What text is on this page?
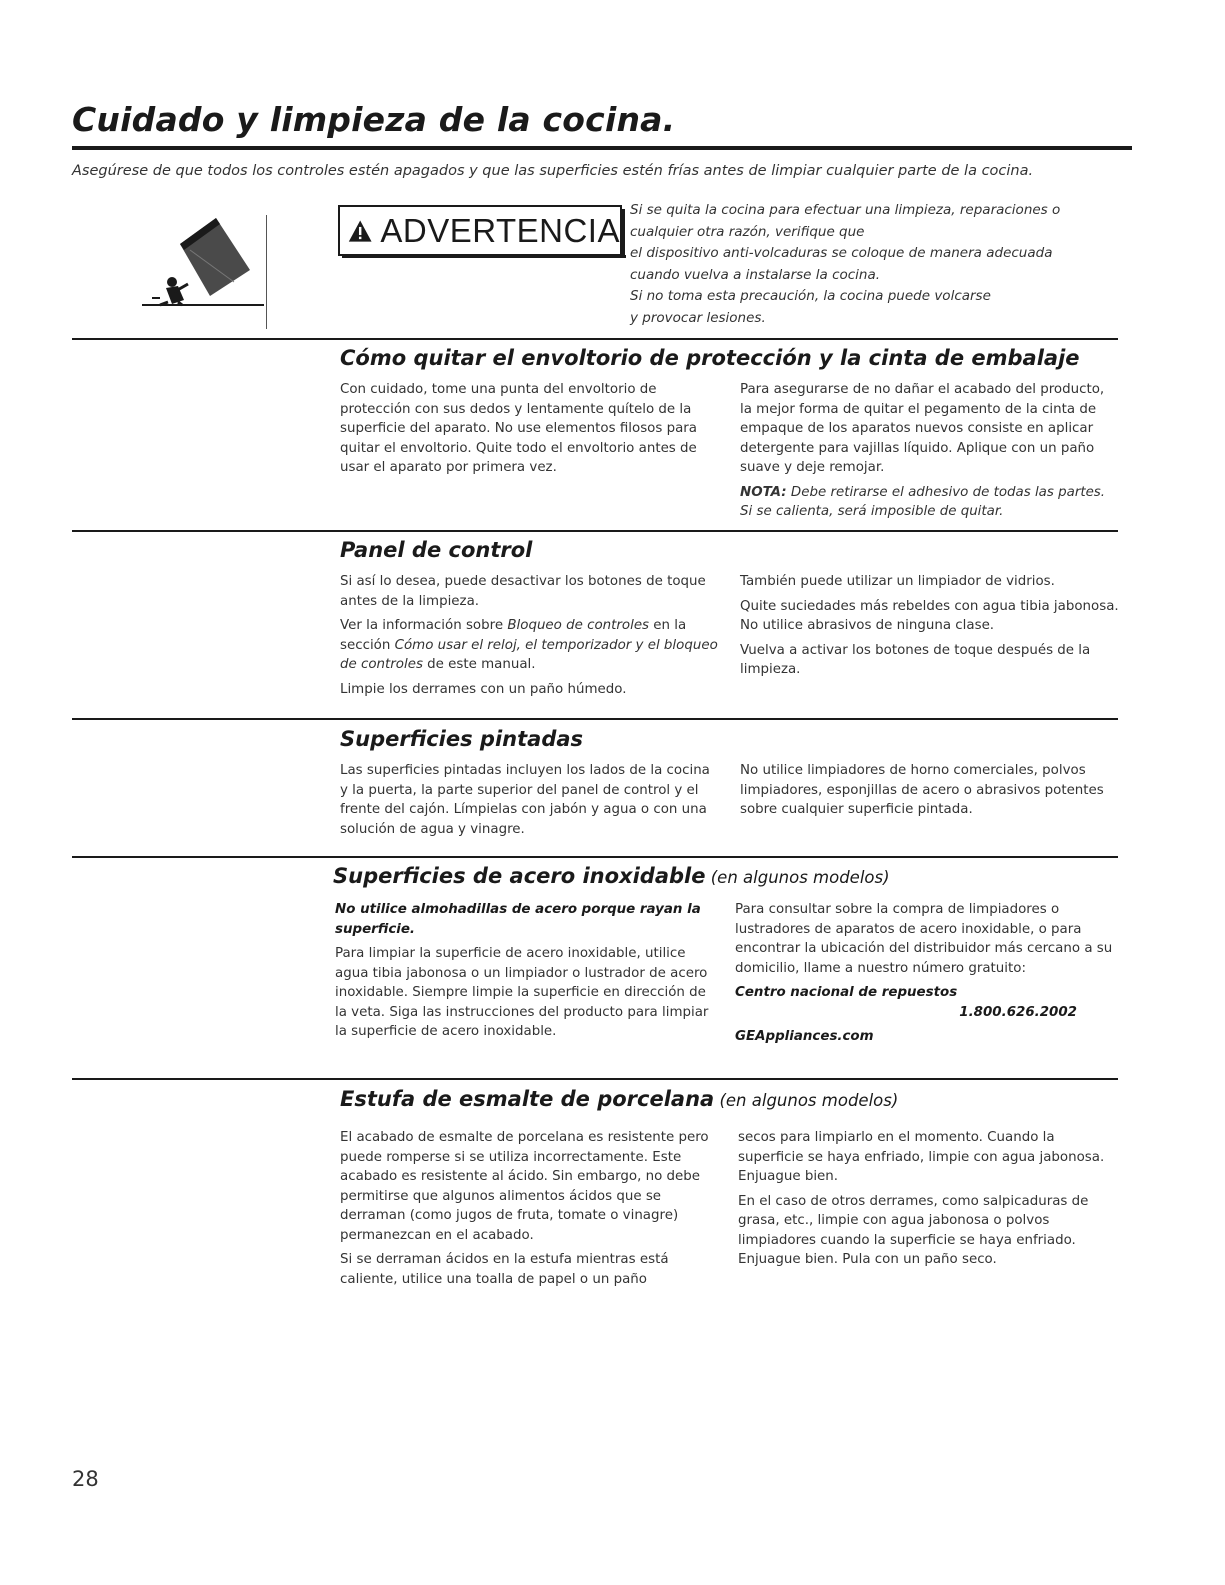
Cuidado y limpieza de la cocina.
Asegúrese de que todos los controles estén apagados y que las superficies estén frías antes de limpiar cualquier parte de la cocina.
ADVERTENCIA
Si se quita la cocina para efectuar una limpieza, reparaciones o
cualquier otra razón, verifique que
el dispositivo anti-volcaduras se coloque de manera adecuada
cuando vuelva a instalarse la cocina.
Si no toma esta precaución, la cocina puede volcarse
y provocar lesiones.
Cómo quitar el envoltorio de protección y la cinta de embalaje

Con cuidado, tome una punta del envoltorio de protección con sus dedos y lentamente quítelo de la superficie del aparato. No use elementos filosos para quitar el envoltorio. Quite todo el envoltorio antes de usar el aparato por primera vez.

Para asegurarse de no dañar el acabado del producto, la mejor forma de quitar el pegamento de la cinta de empaque de los aparatos nuevos consiste en aplicar detergente para vajillas líquido. Aplique con un paño suave y deje remojar.

NOTA: Debe retirarse el adhesivo de todas las partes. Si se calienta, será imposible de quitar.

Panel de control

Si así lo desea, puede desactivar los botones de toque antes de la limpieza.

Ver la información sobre Bloqueo de controles en la sección Cómo usar el reloj, el temporizador y el bloqueo de controles de este manual.

Limpie los derrames con un paño húmedo.

También puede utilizar un limpiador de vidrios.

Quite suciedades más rebeldes con agua tibia jabonosa. No utilice abrasivos de ninguna clase.

Vuelva a activar los botones de toque después de la limpieza.

Superficies pintadas

Las superficies pintadas incluyen los lados de la cocina y la puerta, la parte superior del panel de control y el frente del cajón. Límpielas con jabón y agua o con una solución de agua y vinagre.

No utilice limpiadores de horno comerciales, polvos limpiadores, esponjillas de acero o abrasivos potentes sobre cualquier superficie pintada.

Superficies de acero inoxidable (en algunos modelos)

No utilice almohadillas de acero porque rayan la superficie.

Para limpiar la superficie de acero inoxidable, utilice agua tibia jabonosa o un limpiador o lustrador de acero inoxidable. Siempre limpie la superficie en dirección de la veta. Siga las instrucciones del producto para limpiar la superficie de acero inoxidable.

Para consultar sobre la compra de limpiadores o lustradores de aparatos de acero inoxidable, o para encontrar la ubicación del distribuidor más cercano a su domicilio, llame a nuestro número gratuito:

Centro nacional de repuestos
1.800.626.2002

GEAppliances.com

Estufa de esmalte de porcelana (en algunos modelos)

El acabado de esmalte de porcelana es resistente pero puede romperse si se utiliza incorrectamente. Este acabado es resistente al ácido. Sin embargo, no debe permitirse que algunos alimentos ácidos que se derraman (como jugos de fruta, tomate o vinagre) permanezcan en el acabado.

Si se derraman ácidos en la estufa mientras está caliente, utilice una toalla de papel o un paño

secos para limpiarlo en el momento. Cuando la superficie se haya enfriado, limpie con agua jabonosa. Enjuague bien.

En el caso de otros derrames, como salpicaduras de grasa, etc., limpie con agua jabonosa o polvos limpiadores cuando la superficie se haya enfriado. Enjuague bien. Pula con un paño seco.

28
